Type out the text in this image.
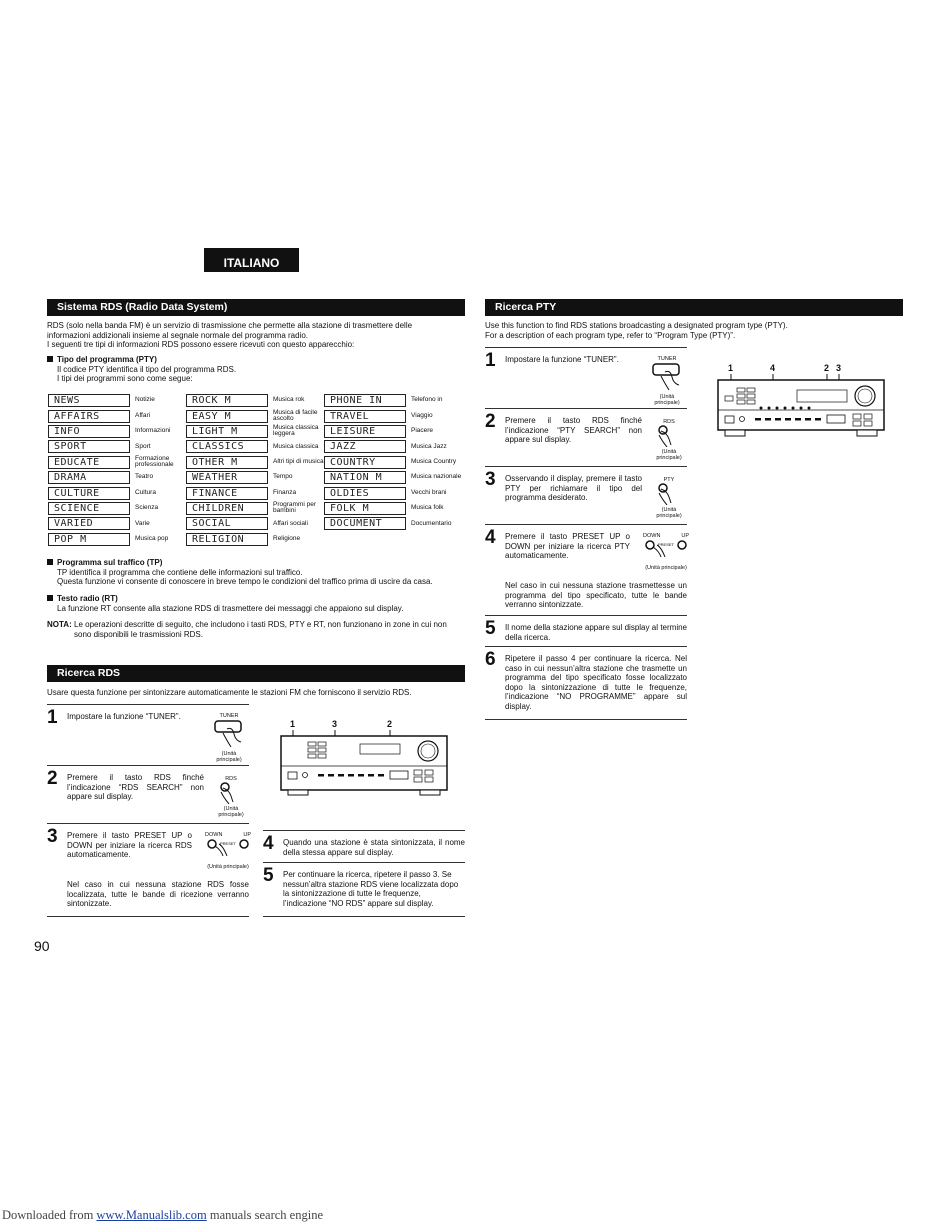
ITALIANO
Sistema RDS (Radio Data System)
RDS (solo nella banda FM) è un servizio di trasmissione che permette alla stazione di trasmettere delle
informazioni addizionali insieme al segnale normale del programma radio.
I seguenti tre tipi di informazioni RDS possono essere ricevuti con questo apparecchio:
Tipo del programma (PTY)
Il codice PTY identifica il tipo del programma RDS.
I tipi dei programmi sono come segue:
NEWS	Notizie	ROCK M	Musica rok	PHONE IN	Telefono in
AFFAIRS	Affari	EASY M	Musica di facile ascolto	TRAVEL	Viaggio
INFO	Informazioni	LIGHT M	Musica classica leggera	LEISURE	Piacere
SPORT	Sport	CLASSICS	Musica classica	JAZZ	Musica Jazz
EDUCATE	Formazione professionale	OTHER M	Altri tipi di musica COUNTRY	Musica Country
DRAMA	Teatro	WEATHER	Tempo	NATION M	Musica nazionale
CULTURE	Cultura	FINANCE	Finanza	OLDIES	Vecchi brani
SCIENCE	Scienza	CHILDREN	Programmi per bambini	FOLK M	Musica folk
VARIED	Varie	SOCIAL	Affari sociali	DOCUMENT	Documentario
POP M	Musica pop	RELIGION	Religione
Programma sul traffico (TP)
TP identifica il programma che contiene delle informazioni sul traffico.
Questa funzione vi consente di conoscere in breve tempo le condizioni del traffico prima di uscire da casa.
Testo radio (RT)
La funzione RT consente alla stazione RDS di trasmettere dei messaggi che appaiono sul display.
NOTA: Le operazioni descritte di seguito, che includono i tasti RDS, PTY e RT, non funzionano in zone in cui non
sono disponibili le trasmissioni RDS.
Ricerca RDS
Usare questa funzione per sintonizzare automaticamente le stazioni FM che forniscono il servizio RDS.
1 Impostare la funzione “TUNER”.	TUNER
(Unità principale)
2 Premere il tasto RDS finché l’indicazione “RDS SEARCH” non appare sul display.
RDS
(Unità principale)
3 Premere il tasto PRESET UP o DOWN per iniziare la ricerca RDS automaticamente.
DOWN	UP
PRESET
(Unità principale)
Nel caso in cui nessuna stazione RDS fosse localizzata, tutte le bande di ricezione verranno sintonizzate.
4 Quando una stazione è stata sintonizzata, il nome della stessa appare sul display.
5 Per continuare la ricerca, ripetere il passo 3. Se nessun’altra stazione RDS viene localizzata dopo la sintonizzazione di tutte le frequenze, l’indicazione “NO RDS” appare sul display.
1	3	2
90
Ricerca PTY
Use this function to find RDS stations broadcasting a designated program type (PTY).
For a description of each program type, refer to “Program Type (PTY)”.
1 Impostare la funzione “TUNER”.	TUNER
(Unità principale)
2 Premere il tasto RDS finché l’indicazione “PTY SEARCH” non appare sul display.
RDS
(Unità principale)
3 Osservando il display, premere il tasto PTY per richiamare il tipo del programma desiderato.
PTY
(Unità principale)
4 Premere il tasto PRESET UP o DOWN per iniziare la ricerca PTY automaticamente.
DOWN	UP
PRESET
(Unità principale)
Nel caso in cui nessuna stazione trasmettesse un programma del tipo specificato, tutte le bande verranno sintonizzate.
5 Il nome della stazione appare sul display al termine della ricerca.
6 Ripetere il passo 4 per continuare la ricerca. Nel caso in cui nessun’altra stazione che trasmette un programma del tipo specificato fosse localizzato dopo la sintonizzazione di tutte le frequenze, l’indicazione “NO PROGRAMME” appare sul display.
1	4	2 3
Downloaded from www.Manualslib.com manuals search engine
